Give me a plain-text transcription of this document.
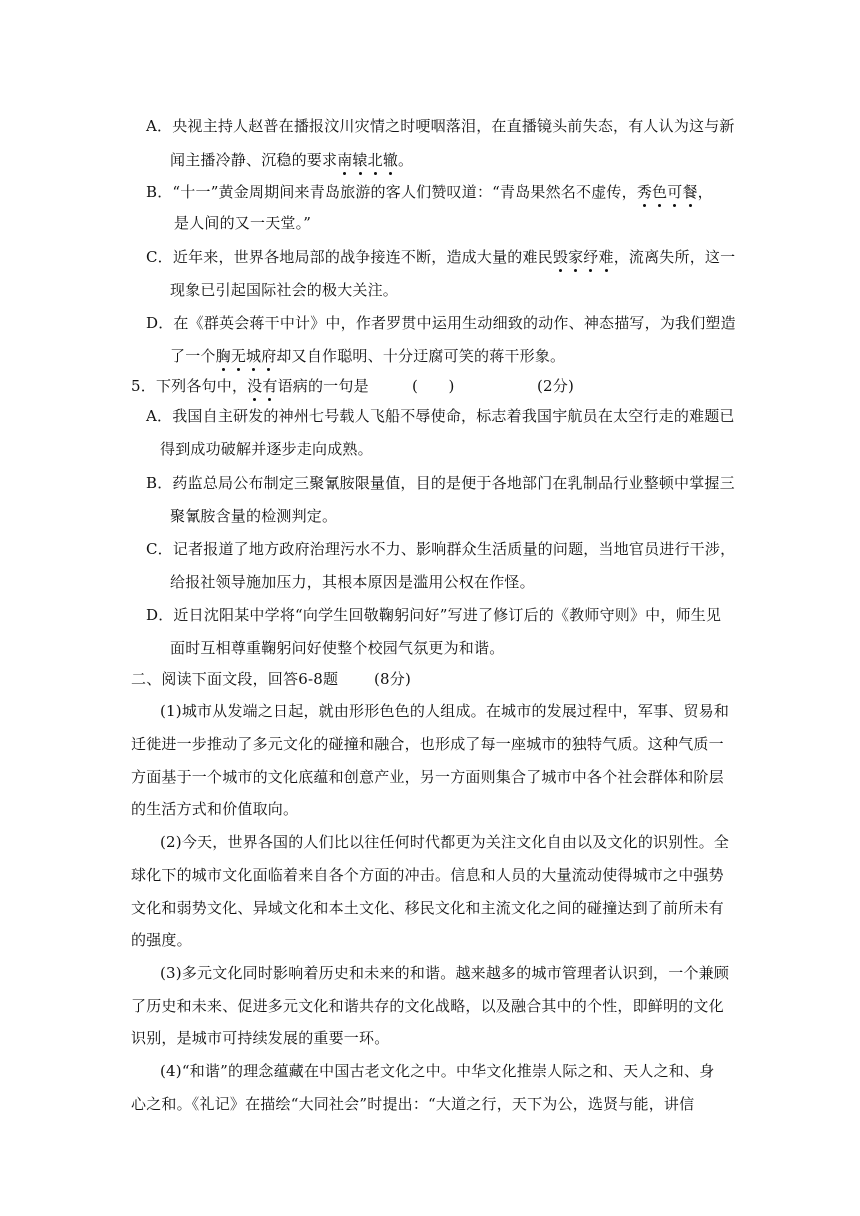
A．央视主持人赵普在播报汶川灾情之时哽咽落泪，在直播镜头前失态，有人认为这与新
闻主播冷静、沉稳的要求南辕北辙。
B．“十一”黄金周期间来青岛旅游的客人们赞叹道：“青岛果然名不虚传，秀色可餐，
是人间的又一天堂。”
C．近年来，世界各地局部的战争接连不断，造成大量的难民毁家纾难，流离失所，这一
现象已引起国际社会的极大关注。
D．在《群英会蒋干中计》中，作者罗贯中运用生动细致的动作、神态描写，为我们塑造
了一个胸无城府却又自作聪明、十分迂腐可笑的蒋干形象。
5．下列各句中，没有语病的一句是	(　　)	(2分)
A．我国自主研发的神州七号载人飞船不辱使命，标志着我国宇航员在太空行走的难题已
得到成功破解并逐步走向成熟。
B．药监总局公布制定三聚氰胺限量值，目的是便于各地部门在乳制品行业整顿中掌握三
聚氰胺含量的检测判定。
C．记者报道了地方政府治理污水不力、影响群众生活质量的问题，当地官员进行干涉，
给报社领导施加压力，其根本原因是滥用公权在作怪。
D．近日沈阳某中学将“向学生回敬鞠躬问好”写进了修订后的《教师守则》中，师生见
面时互相尊重鞠躬问好使整个校园气氛更为和谐。
二、阅读下面文段，回答6-8题 (8分)
(1)城市从发端之日起，就由形形色色的人组成。在城市的发展过程中，军事、贸易和
迁徙进一步推动了多元文化的碰撞和融合，也形成了每一座城市的独特气质。这种气质一
方面基于一个城市的文化底蕴和创意产业，另一方面则集合了城市中各个社会群体和阶层
的生活方式和价值取向。
(2)今天，世界各国的人们比以往任何时代都更为关注文化自由以及文化的识别性。全
球化下的城市文化面临着来自各个方面的冲击。信息和人员的大量流动使得城市之中强势
文化和弱势文化、异域文化和本土文化、移民文化和主流文化之间的碰撞达到了前所未有
的强度。
(3)多元文化同时影响着历史和未来的和谐。越来越多的城市管理者认识到，一个兼顾
了历史和未来、促进多元文化和谐共存的文化战略，以及融合其中的个性，即鲜明的文化
识别，是城市可持续发展的重要一环。
(4)“和谐”的理念蕴藏在中国古老文化之中。中华文化推崇人际之和、天人之和、身
心之和。《礼记》在描绘“大同社会”时提出：“大道之行，天下为公，选贤与能，讲信
